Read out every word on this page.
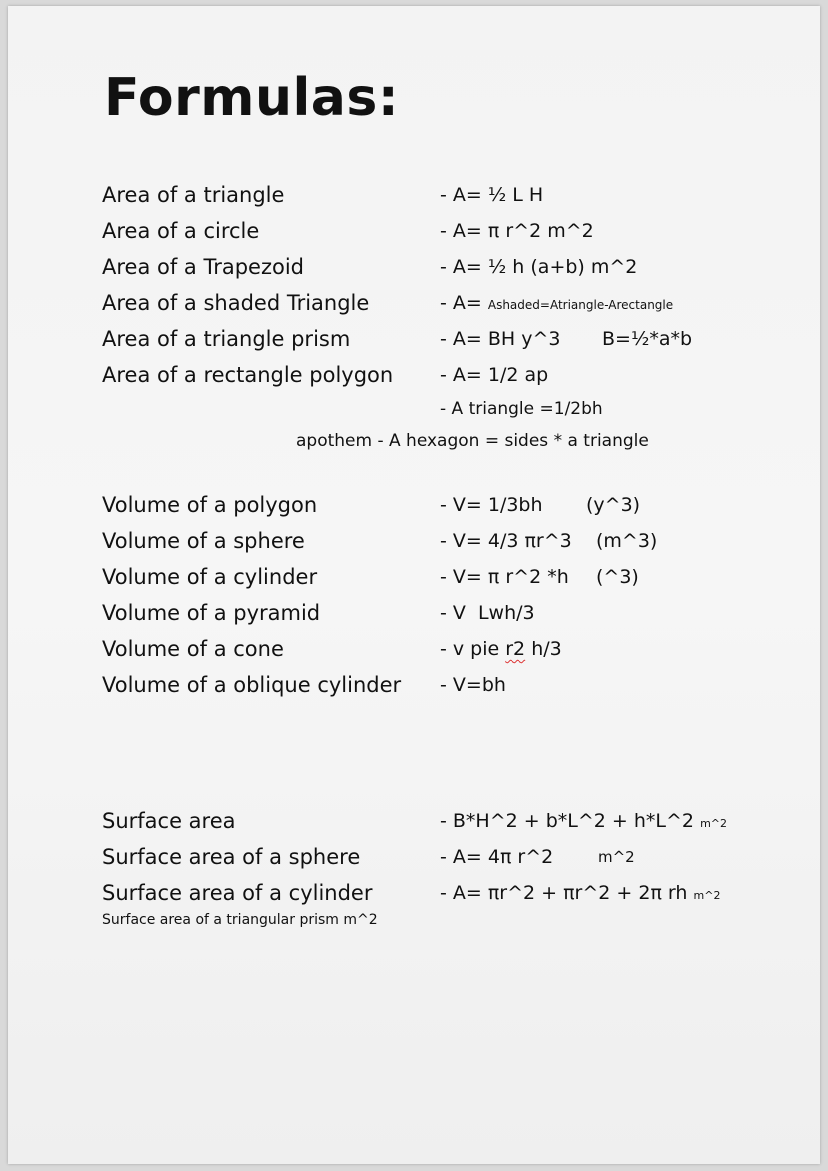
Formulas:
Area of a triangle	- A= ½ L H
Area of a circle	- A= π r^2 m^2
Area of a Trapezoid	- A= ½ h (a+b) m^2
Area of a shaded Triangle	- A= Ashaded=Atriangle-Arectangle
Area of a triangle prism	- A= BH y^3 B=½*a*b
Area of a rectangle polygon - A= 1/2 ap
- A triangle =1/2bh
apothem - A hexagon = sides * a triangle
Volume of a polygon	- V= 1/3bh (y^3)
Volume of a sphere	- V= 4/3 πr^3 (m^3)
Volume of a cylinder	- V= π r^2 *h (^3)
Volume of a pyramid	- V  Lwh/3
Volume of a cone	- v pie r2 h/3
Volume of a oblique cylinder - V=bh
Surface area	- B*H^2 + b*L^2 + h*L^2 m^2
Surface area of a sphere	- A= 4π r^2	m^2
Surface area of a cylinder	- A= πr^2 + πr^2 + 2π rh m^2
Surface area of a triangular prism m^2
